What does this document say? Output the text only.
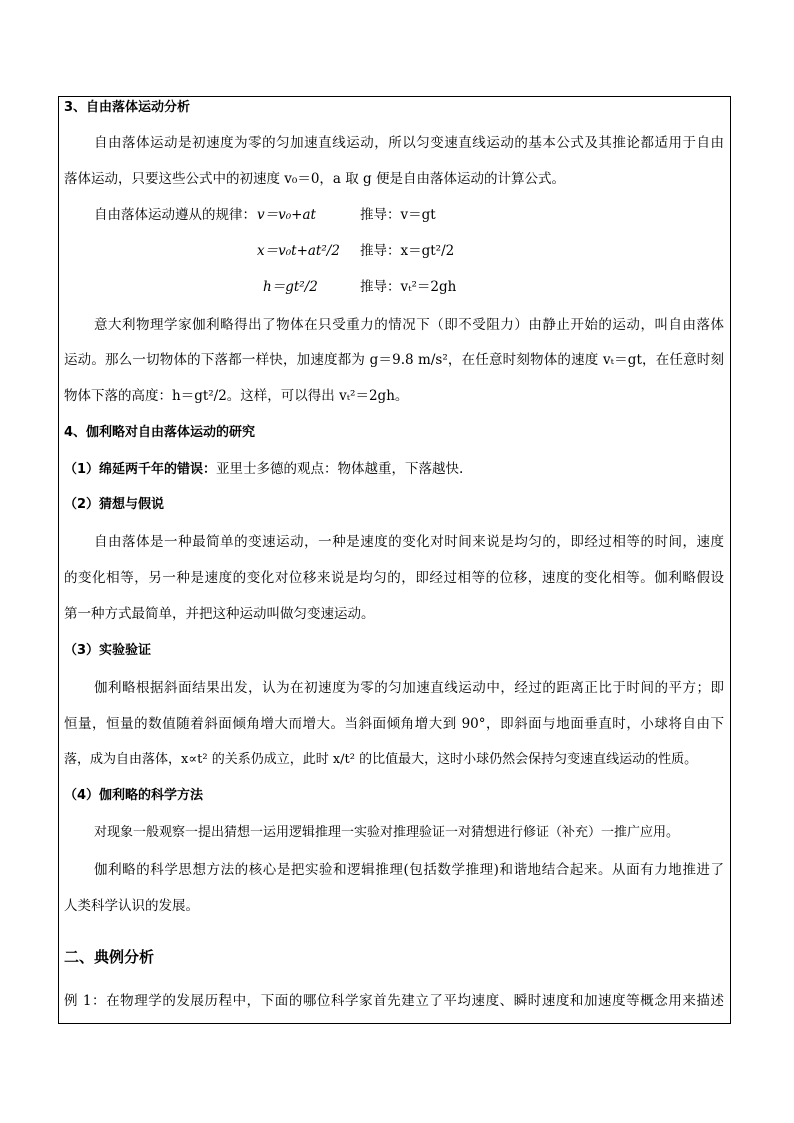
3、自由落体运动分析
自由落体运动是初速度为零的匀加速直线运动，所以匀变速直线运动的基本公式及其推论都适用于自由
落体运动，只要这些公式中的初速度 v₀＝0，a 取 g 便是自由落体运动的计算公式。
自由落体运动遵从的规律： v＝v₀+at	推导：v＝gt
x＝v₀t+at²/2 推导：x＝gt²/2
h＝gt²/2	推导：vₜ²＝2gh
意大利物理学家伽利略得出了物体在只受重力的情况下（即不受阻力）由静止开始的运动，叫自由落体
运动。那么一切物体的下落都一样快，加速度都为 g＝9.8 m/s²，在任意时刻物体的速度 vₜ＝gt，在任意时刻
物体下落的高度：h＝gt²/2。这样，可以得出 vₜ²＝2gh。
4、伽利略对自由落体运动的研究
（1）绵延两千年的错误：亚里士多德的观点：物体越重，下落越快.
（2）猜想与假说
自由落体是一种最简单的变速运动，一种是速度的变化对时间来说是均匀的，即经过相等的时间，速度
的变化相等，另一种是速度的变化对位移来说是均匀的，即经过相等的位移，速度的变化相等。伽利略假设
第一种方式最简单，并把这种运动叫做匀变速运动。
（3）实验验证
伽利略根据斜面结果出发，认为在初速度为零的匀加速直线运动中，经过的距离正比于时间的平方；即
恒量，恒量的数值随着斜面倾角增大而增大。当斜面倾角增大到 90°，即斜面与地面垂直时，小球将自由下
落，成为自由落体，x∝t² 的关系仍成立，此时 x/t² 的比值最大，这时小球仍然会保持匀变速直线运动的性质。
（4）伽利略的科学方法
对现象一般观察一提出猜想一运用逻辑推理一实验对推理验证一对猜想进行修证（补充）一推广应用。
伽利略的科学思想方法的核心是把实验和逻辑推理(包括数学推理)和谐地结合起来。从面有力地推进了
人类科学认识的发展。
二、典例分析
例 1：在物理学的发展历程中，下面的哪位科学家首先建立了平均速度、瞬时速度和加速度等概念用来描述
